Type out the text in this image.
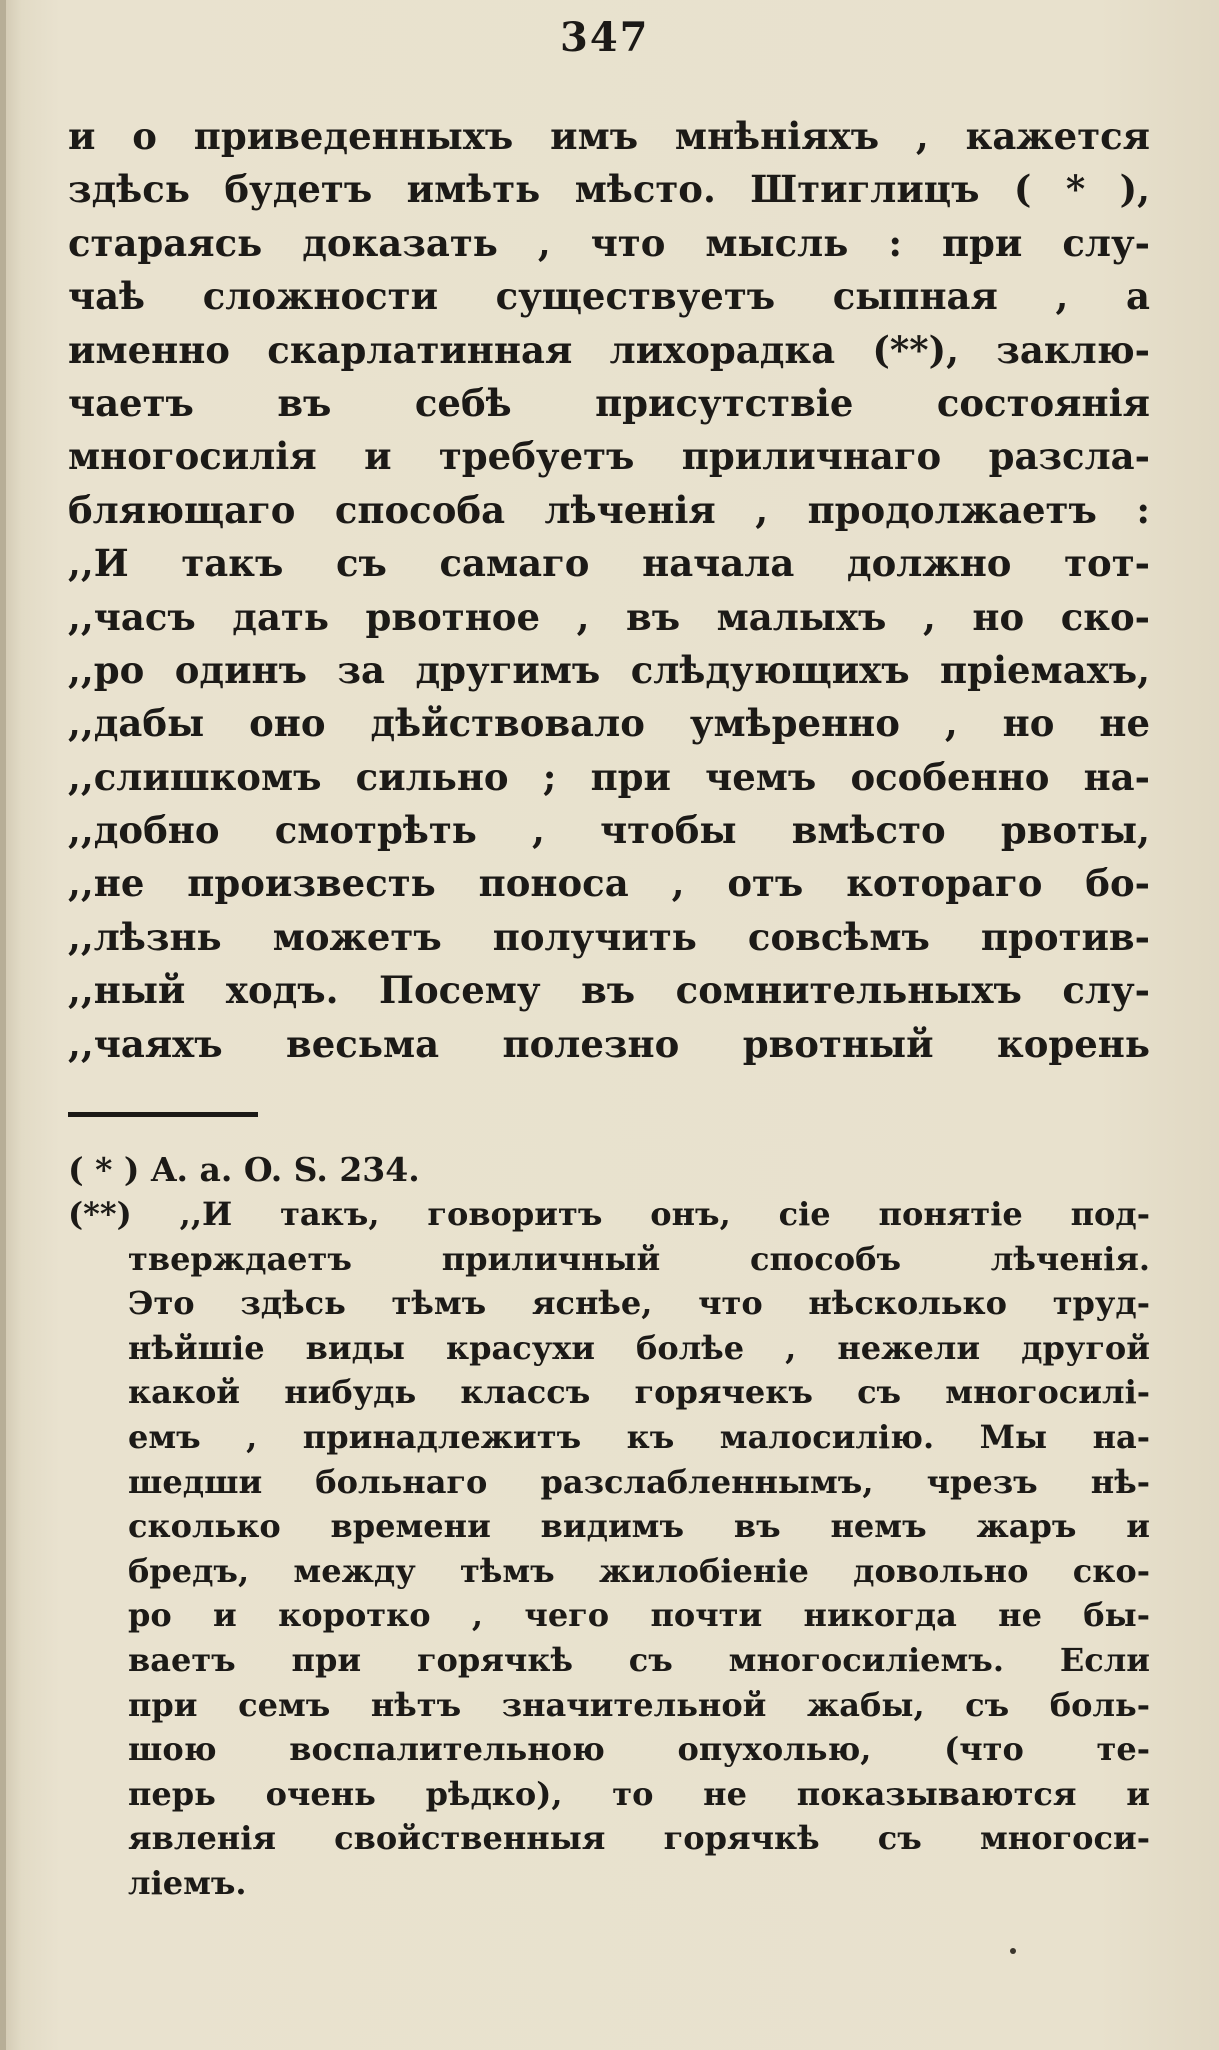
347
и о приведенныхъ имъ мнѣнiяхъ , кажется
здѣсь будетъ имѣть мѣсто. Штиглицъ ( * ),
стараясь доказать , что мысль : при слу-
чаѣ сложности существуетъ сыпная , а
именно скарлатинная лихорадка (**), заклю-
чаетъ въ себѣ присутствiе состоянiя
многосилiя и требуетъ приличнаго разсла-
бляющаго способа лѣченiя , продолжаетъ :
,,И такъ съ самаго начала должно тот-
,,часъ дать рвотное , въ малыхъ , но ско-
,,ро одинъ за другимъ слѣдующихъ прiемахъ,
,,дабы оно дѣйствовало умѣренно , но не
,,слишкомъ сильно ; при чемъ особенно на-
,,добно смотрѣть , чтобы вмѣсто рвоты,
,,не произвесть поноса , отъ котораго бо-
,,лѣзнь можетъ получить совсѣмъ против-
,,ный ходъ. Посему въ сомнительныхъ слу-
,,чаяхъ весьма полезно рвотный корень
( * ) A. a. O. S. 234.
(**) ,,И такъ, говоритъ онъ, сiе понятiе под-
тверждаетъ приличный способъ лѣченiя.
Это здѣсь тѣмъ яснѣе, что нѣсколько труд-
нѣйшiе виды красухи болѣе , нежели другой
какой нибудь классъ горячекъ съ многосилi-
емъ , принадлежитъ къ малосилiю. Мы на-
шедши больнаго разслабленнымъ, чрезъ нѣ-
сколько времени видимъ въ немъ жаръ и
бредъ, между тѣмъ жилобiенiе довольно ско-
ро и коротко , чего почти никогда не бы-
ваетъ при горячкѣ съ многосилiемъ. Если
при семъ нѣтъ значительной жабы, съ боль-
шою воспалительною опухолью, (что те-
перь очень рѣдко), то не показываются и
явленiя свойственныя горячкѣ съ многоси-
лiемъ.
